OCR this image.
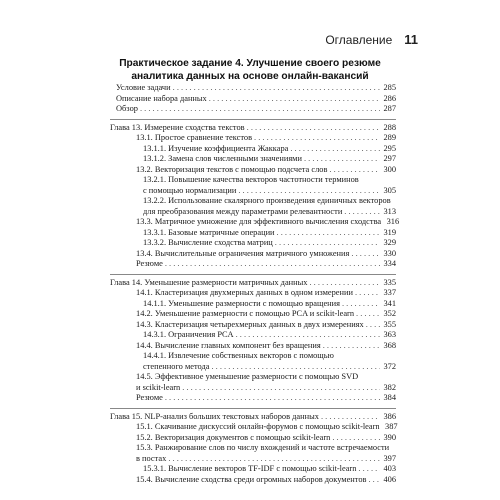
Оглавление 11
Практическое задание 4. Улучшение своего резюме
аналитика данных на основе онлайн-вакансий
Условие задачи . . .	285
Описание набора данных . . .	286
Обзор . . .	287
Глава 13. Измерение сходства текстов . . .	288
13.1. Простое сравнение текстов . . .	289
13.1.1. Изучение коэффициента Жаккара . . .	295
13.1.2. Замена слов численными значениями . . .	297
13.2. Векторизация текстов с помощью подсчета слов . . .	300
13.2.1. Повышение качества векторов частотности терминов
с помощью нормализации . . .	305
13.2.2. Использование скалярного произведения единичных векторов
для преобразования между параметрами релевантности . . .	313
13.3. Матричное умножение для эффективного вычисления сходства 316
13.3.1. Базовые матричные операции . . .	319
13.3.2. Вычисление сходства матриц . . .	329
13.4. Вычислительные ограничения матричного умножения . . .	330
Резюме . . .	334
Глава 14. Уменьшение размерности матричных данных . . .	335
14.1. Кластеризация двухмерных данных в одном измерении . . .	337
14.1.1. Уменьшение размерности с помощью вращения . . .	341
14.2. Уменьшение размерности с помощью PCA и scikit-learn . . .	352
14.3. Кластеризация четырехмерных данных в двух измерениях . . . 355
14.3.1. Ограничения PCA . . .	363
14.4. Вычисление главных компонент без вращения . . .	368
14.4.1. Извлечение собственных векторов с помощью
степенного метода . . .	372
14.5. Эффективное уменьшение размерности с помощью SVD
и scikit-learn . . .	382
Резюме . . .	384
Глава 15. NLP-анализ больших текстовых наборов данных . . .	386
15.1. Скачивание дискуссий онлайн-форумов с помощью scikit-learn 387
15.2. Векторизация документов с помощью scikit-learn . . .	390
15.3. Ранжирование слов по числу вхождений и частоте встречаемости
в постах . . .	397
15.3.1. Вычисление векторов TF-IDF с помощью scikit-learn . . .	403
15.4. Вычисление сходства среди огромных наборов документов . . . 406
